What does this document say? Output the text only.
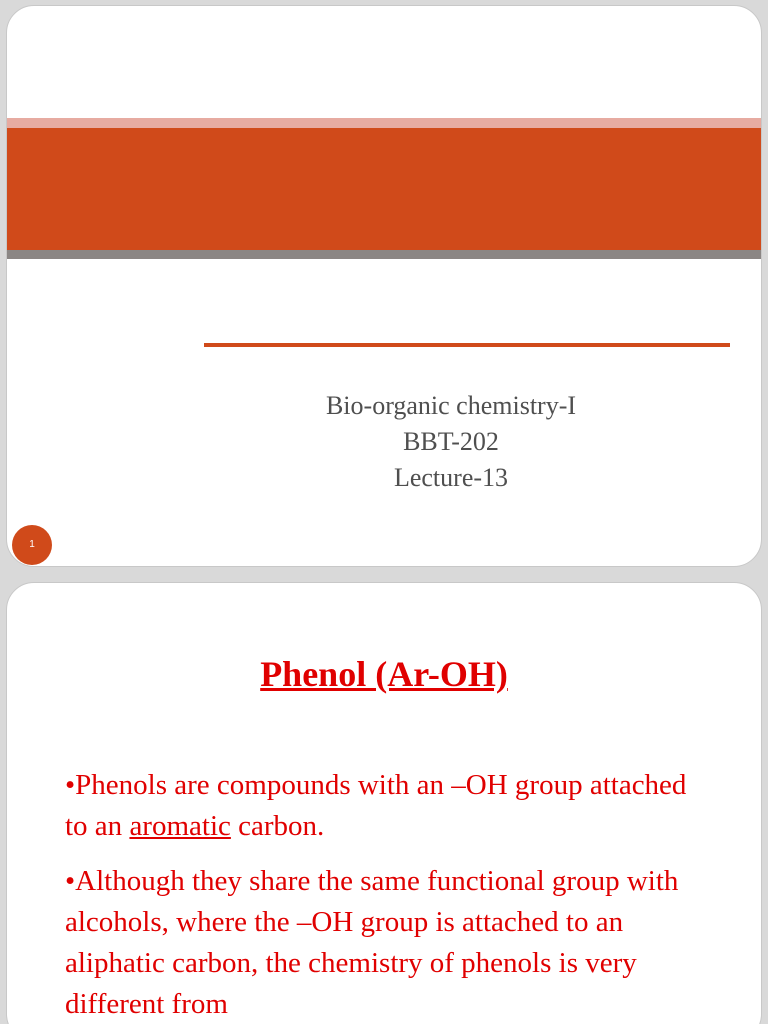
Bio-organic chemistry-I
BBT-202
Lecture-13
1
Phenol (Ar-OH)

•Phenols are compounds with an –OH group attached to an aromatic carbon.

•Although they share the same functional group with alcohols, where the –OH group is attached to an aliphatic carbon, the chemistry of phenols is very different from
